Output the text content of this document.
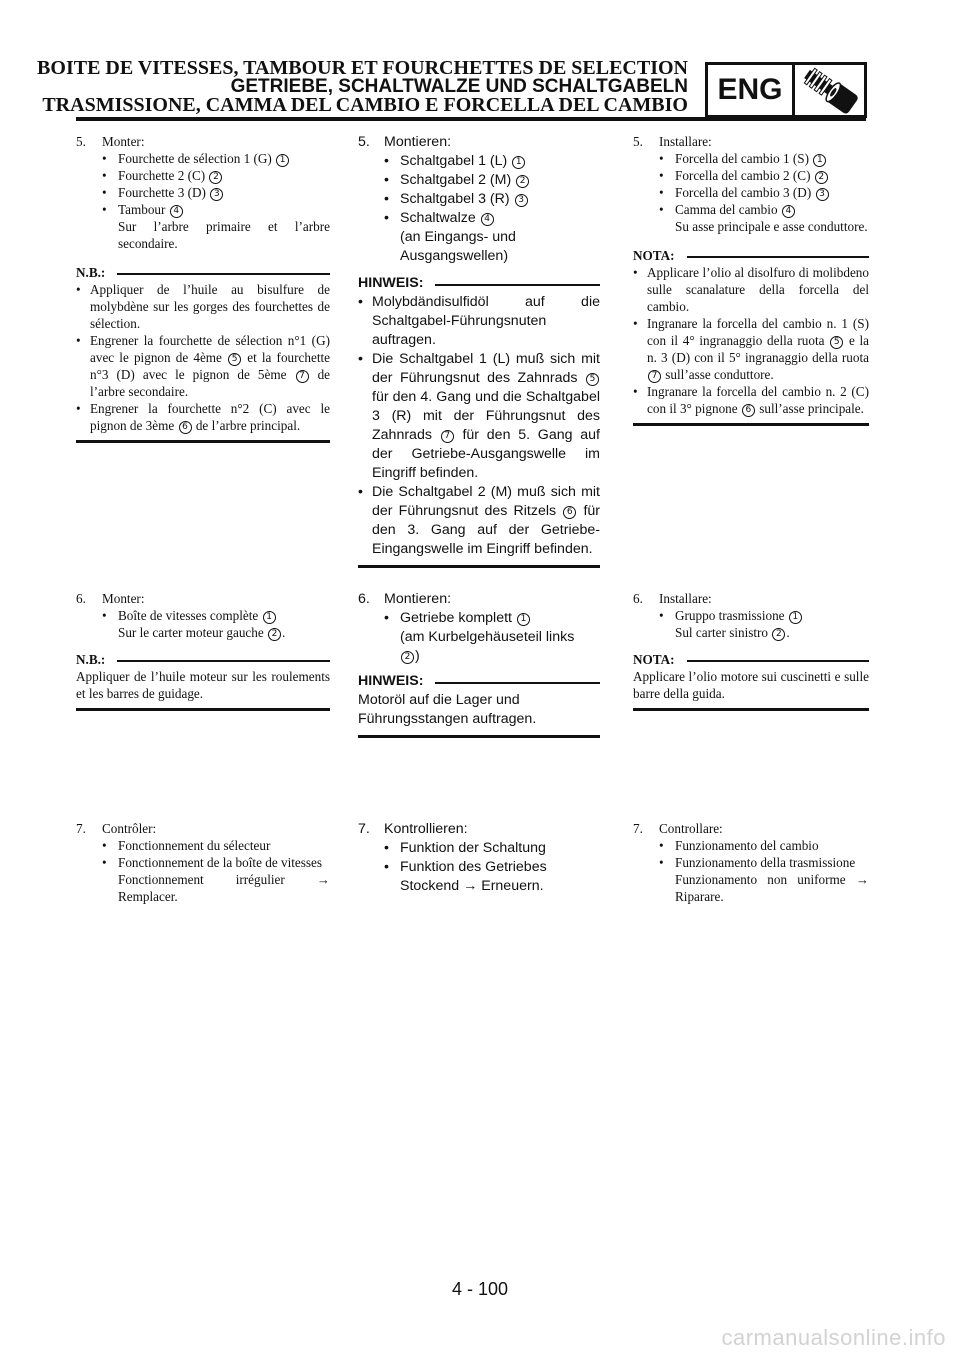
BOITE DE VITESSES, TAMBOUR ET FOURCHETTES DE SELECTION
GETRIEBE, SCHALTWALZE UND SCHALTGABELN
TRASMISSIONE, CAMMA DEL CAMBIO E FORCELLA DEL CAMBIO ENG
5.	Monter:
• Fourchette de sélection 1 (G) 1
• Fourchette 2 (C) 2
• Fourchette 3 (D) 3
• Tambour 4
Sur l’arbre primaire et l’arbre secondaire.
N.B.:
• Appliquer de l’huile au bisulfure de molybdène sur les gorges des fourchettes de sélection.
• Engrener la fourchette de sélection n°1 (G) avec le pignon de 4ème 5 et la fourchette n°3 (D) avec le pignon de 5ème 7 de l’arbre secondaire.
• Engrener la fourchette n°2 (C) avec le pignon de 3ème 6 de l’arbre principal.
5. Montieren:
• Schaltgabel 1 (L) 1
• Schaltgabel 2 (M) 2
• Schaltgabel 3 (R) 3
• Schaltwalze 4
(an Eingangs- und Ausgangswellen)
HINWEIS:
• Molybdändisulfidöl auf die Schaltgabel-Führungsnuten auftragen.
• Die Schaltgabel 1 (L) muß sich mit der Führungsnut des Zahnrads 5 für den 4. Gang und die Schaltgabel 3 (R) mit der Führungsnut des Zahnrads 7 für den 5. Gang auf der Getriebe-Ausgangswelle im Eingriff befinden.
• Die Schaltgabel 2 (M) muß sich mit der Führungsnut des Ritzels 6 für den 3. Gang auf der Getriebe-Eingangswelle im Eingriff befinden.
5.	Installare:
• Forcella del cambio 1 (S) 1
• Forcella del cambio 2 (C) 2
• Forcella del cambio 3 (D) 3
• Camma del cambio 4
Su asse principale e asse conduttore.
NOTA:
• Applicare l’olio al disolfuro di molibdeno sulle scanalature della forcella del cambio.
• Ingranare la forcella del cambio n. 1 (S) con il 4° ingranaggio della ruota 5 e la n. 3 (D) con il 5° ingranaggio della ruota 7 sull’asse conduttore.
• Ingranare la forcella del cambio n. 2 (C) con il 3° pignone 6 sull’asse principale.
6.	Monter:
• Boîte de vitesses complète 1
Sur le carter moteur gauche 2 .
N.B.:
Appliquer de l’huile moteur sur les roulements et les barres de guidage.
6. Montieren:
• Getriebe komplett 1
(am Kurbelgehäuseteil links
2 )
HINWEIS:
Motoröl auf die Lager und Führungsstangen auftragen.
6.	Installare:
• Gruppo trasmissione 1
Sul carter sinistro 2 .
NOTA:
Applicare l’olio motore sui cuscinetti e sulle barre della guida.
7.	Contrôler:
• Fonctionnement du sélecteur
• Fonctionnement de la boîte de vitesses
Fonctionnement irrégulier → Remplacer.
7. Kontrollieren:
• Funktion der Schaltung
• Funktion des Getriebes
Stockend → Erneuern.
7.	Controllare:
• Funzionamento del cambio
• Funzionamento della trasmissione
Funzionamento non uniforme → Riparare.
4 - 100
carmanualsonline.info
